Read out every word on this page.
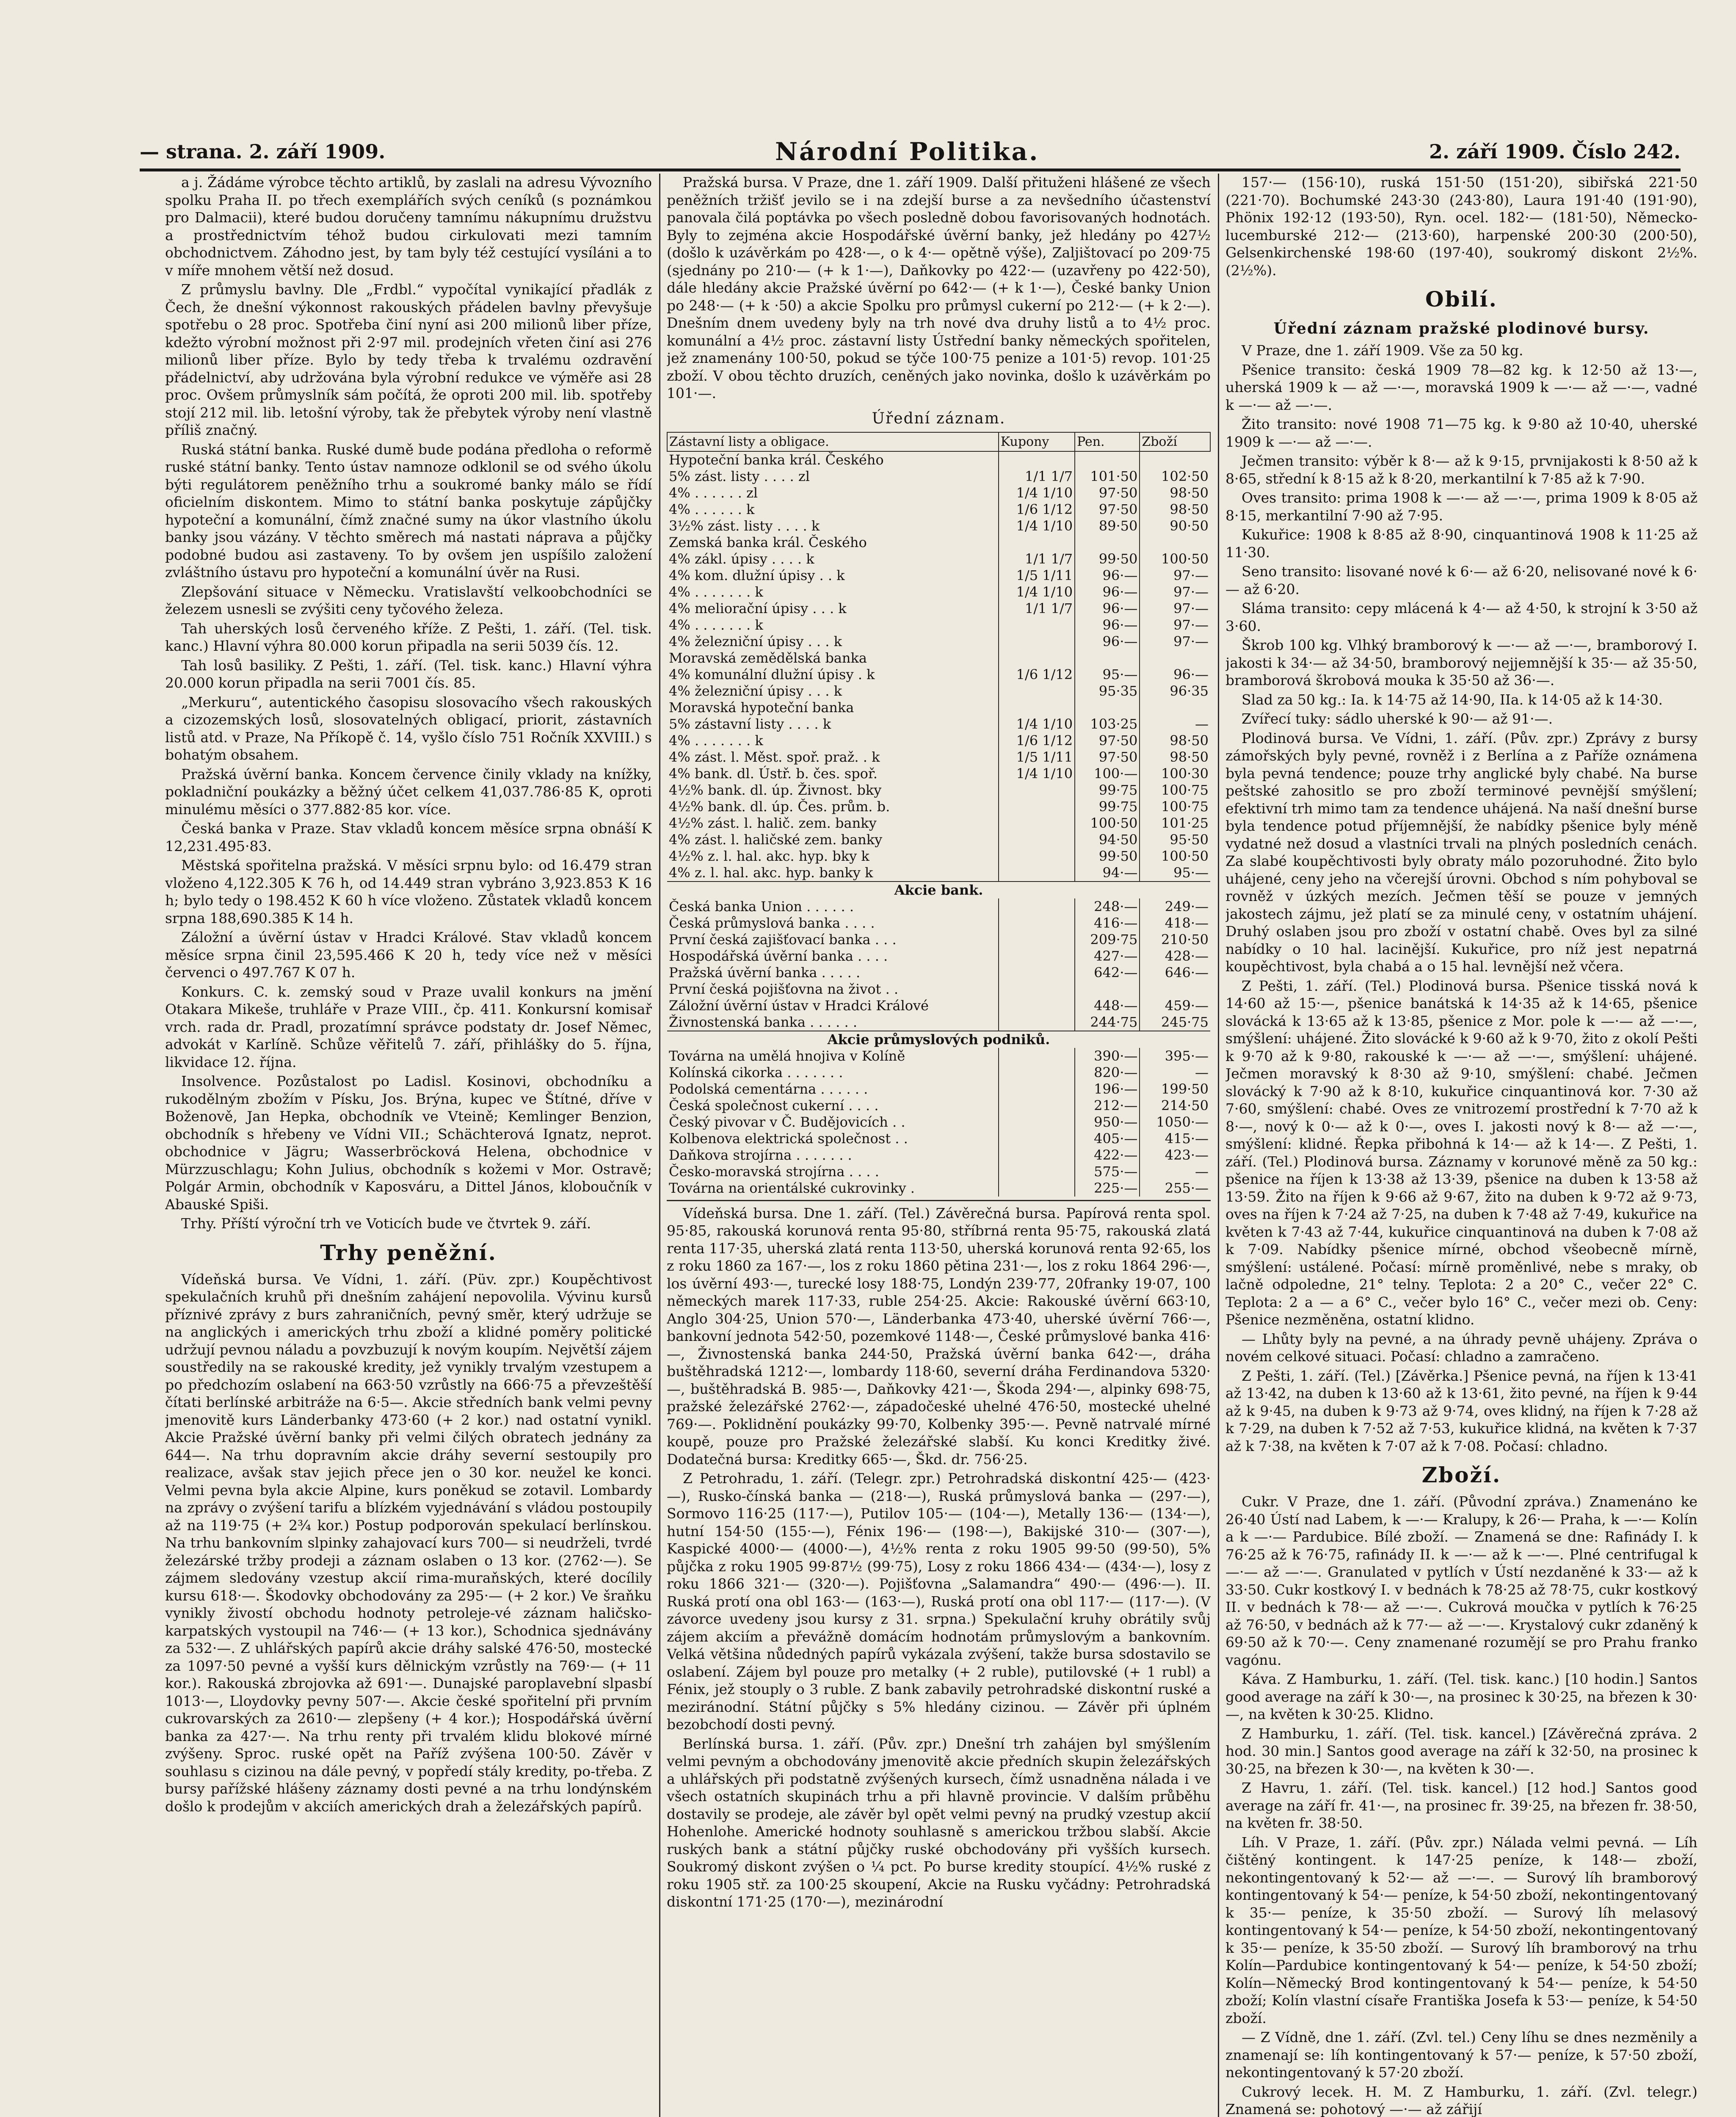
— strana. 2. září 1909.	Národní Politika.	2. září 1909. Číslo 242.

a j. Žádáme výrobce těchto artiklů, by zaslali na adresu Vývozního spolku Praha II. po třech exemplářích svých ceníků (s poznámkou pro Dalmacii), které budou doručeny tamnímu nákupnímu družstvu a prostřednictvím téhož budou cirkulovati mezi tamním obchodnictvem. Záhodno jest, by tam byly též cestující vysíláni a to v míře mnohem větší než dosud.

Z průmyslu bavlny. Dle „Frdbl.“ vypočítal vynikající přadlák z Čech, že dnešní výkonnost rakouských přádelen bavlny převyšuje spotřebu o 28 proc. Spotřeba činí nyní asi 200 milionů liber příze, kdežto výrobní možnost při 2·97 mil. prodejních vřeten činí asi 276 milionů liber příze. Bylo by tedy třeba k trvalému ozdravění přádelnictví, aby udržována byla výrobní redukce ve výměře asi 28 proc. Ovšem průmyslník sám počítá, že oproti 200 mil. lib. spotřeby stojí 212 mil. lib. letošní výroby, tak že přebytek výroby není vlastně příliš značný.

Ruská státní banka. Ruské dumě bude podána předloha o reformě ruské státní banky. Tento ústav namnoze odklonil se od svého úkolu býti regulátorem peněžního trhu a soukromé banky málo se řídí oficielním diskontem. Mimo to státní banka poskytuje zápůjčky hypoteční a komunální, čímž značné sumy na úkor vlastního úkolu banky jsou vázány. V těchto směrech má nastati náprava a půjčky podobné budou asi zastaveny. To by ovšem jen uspíšilo založení zvláštního ústavu pro hypoteční a komunální úvěr na Rusi.

Zlepšování situace v Německu. Vratislavští velkoobchodníci se železem usnesli se zvýšiti ceny tyčového železa.

Tah uherských losů červeného kříže. Z Pešti, 1. září. (Tel. tisk. kanc.) Hlavní výhra 80.000 korun připadla na serii 5039 čís. 12.

Tah losů basiliky. Z Pešti, 1. září. (Tel. tisk. kanc.) Hlavní výhra 20.000 korun připadla na serii 7001 čís. 85.

„Merkuru“, autentického časopisu slosovacího všech rakouských a cizozemských losů, slosovatelných obligací, priorit, zástavních listů atd. v Praze, Na Příkopě č. 14, vyšlo číslo 751 Ročník XXVIII.) s bohatým obsahem.

Pražská úvěrní banka. Koncem července činily vklady na knížky, pokladniční poukázky a běžný účet celkem 41,037.786·85 K, oproti minulému měsíci o 377.882·85 kor. více.

Česká banka v Praze. Stav vkladů koncem měsíce srpna obnáší K 12,231.495·83.

Městská spořitelna pražská. V měsíci srpnu bylo: od 16.479 stran vloženo 4,122.305 K 76 h, od 14.449 stran vybráno 3,923.853 K 16 h; bylo tedy o 198.452 K 60 h více vloženo. Zůstatek vkladů koncem srpna 188,690.385 K 14 h.

Záložní a úvěrní ústav v Hradci Králové. Stav vkladů koncem měsíce srpna činil 23,595.466 K 20 h, tedy více než v měsíci červenci o 497.767 K 07 h.

Konkurs. C. k. zemský soud v Praze uvalil konkurs na jmění Otakara Mikeše, truhláře v Praze VIII., čp. 411. Konkursní komisař vrch. rada dr. Pradl, prozatímní správce podstaty dr. Josef Němec, advokát v Karlíně. Schůze věřitelů 7. září, přihlášky do 5. října, likvidace 12. října.

Insolvence. Pozůstalost po Ladisl. Kosinovi, obchodníku a rukodělným zbožím v Písku, Jos. Brýna, kupec ve Štítné, dříve v Boženově, Jan Hepka, obchodník ve Vteině; Kemlinger Benzion, obchodník s hřebeny ve Vídni VII.; Schächterová Ignatz, neprot. obchodnice v Jägru; Wasserbröcková Helena, obchodnice v Mürzzuschlagu; Kohn Julius, obchodník s kožemi v Mor. Ostravě; Polgár Armin, obchodník v Kaposváru, a Dittel János, kloboučník v Abauské Spiši.

Trhy. Příští výroční trh ve Voticích bude ve čtvrtek 9. září.

Trhy peněžní.

Vídeňská bursa. Ve Vídni, 1. září. (Püv. zpr.) Koupěchtivost spekulačních kruhů při dnešním zahájení nepovolila. Vývinu kursů příznivé zprávy z burs zahraničních, pevný směr, který udržuje se na anglických i amerických trhu zboží a klidné poměry politické udržují pevnou náladu a povzbuzují k novým koupím. Největší zájem soustředily na se rakouské kredity, jež vynikly trvalým vzestupem a po předchozím oslabení na 663·50 vzrůstly na 666·75 a převzeštěší čítati berlínské arbitráže na 6·5—. Akcie středních bank velmi pevny jmenovitě kurs Länderbanky 473·60 (+ 2 kor.) nad ostatní vynikl. Akcie Pražské úvěrní banky při velmi čilých obratech jednány za 644—. Na trhu dopravním akcie dráhy severní sestoupily pro realizace, avšak stav jejich přece jen o 30 kor. neužel ke konci. Velmi pevna byla akcie Alpine, kurs poněkud se zotavil. Lombardy na zprávy o zvýšení tarifu a blízkém vyjednávání s vládou postoupily až na 119·75 (+ 2¾ kor.) Postup podporován spekulací berlínskou. Na trhu bankovním slpinky zahajovací kurs 700— si neudrželi, tvrdé železárské tržby prodeji a záznam oslaben o 13 kor. (2762·—). Se zájmem sledovány vzestup akcií rima-muraňských, které docílily kursu 618·—. Škodovky obchodovány za 295·— (+ 2 kor.) Ve šraňku vynikly živostí obchodu hodnoty petroleje-vé záznam haličsko-karpatských vystoupil na 746·— (+ 13 kor.), Schodnica sjednávány za 532·—. Z uhlářských papírů akcie dráhy salské 476·50, mostecké za 1097·50 pevné a vyšší kurs dělnickým vzrůstly na 769·— (+ 11 kor.). Rakouská zbrojovka až 691·—. Dunajské paroplavební slpasbí 1013·—, Lloydovky pevny 507·—. Akcie české spořitelní při prvním cukrovarských za 2610·— zlepšeny (+ 4 kor.); Hospodářská úvěrní banka za 427·—. Na trhu renty při trvalém klidu blokové mírné zvýšeny. Sproc. ruské opět na Paříž zvýšena 100·50. Závěr v souhlasu s cizinou na dále pevný, v popředí stály kredity, po-třeba. Z bursy pařížské hlášeny záznamy dosti pevné a na trhu londýnském došlo k prodejům v akciích amerických drah a železářských papírů.

Pražská bursa. V Praze, dne 1. září 1909. Další přituženi hlášené ze všech peněžních tržišť jevilo se i na zdejší burse a za nevšedního účastenství panovala čilá poptávka po všech posledně dobou favorisovaných hodnotách. Byly to zejména akcie Hospodářské úvěrní banky, jež hledány po 427½ (došlo k uzávěrkám po 428·—, o k 4·— opětně výše), Zaljištovací po 209·75 (sjednány po 210·— (+ k 1·—), Daňkovky po 422·— (uzavřeny po 422·50), dále hledány akcie Pražské úvěrní po 642·— (+ k 1·—), České banky Union po 248·— (+ k ·50) a akcie Spolku pro průmysl cukerní po 212·— (+ k 2·—). Dnešním dnem uvedeny byly na trh nové dva druhy listů a to 4½ proc. komunální a 4½ proc. zástavní listy Ústřední banky německých spořitelen, jež znamenány 100·50, pokud se týče 100·75 penize a 101·5) revop. 101·25 zboží. V obou těchto druzích, ceněných jako novinka, došlo k uzávěrkám po 101·—.

Úřední záznam.
Zástavní listy a obligace.	Kupony	Pen.	Zboží
Hypoteční banka král. Českého			
5% zást. listy . . . . zl	1/1 1/7	101·50	102·50
4% . . . . . . zl	1/4 1/10	97·50	98·50
4% . . . . . . k	1/6 1/12	97·50	98·50
3½% zást. listy . . . . k	1/4 1/10	89·50	90·50
Zemská banka král. Českého			
4% zákl. úpisy . . . . k	1/1 1/7	99·50	100·50
4% kom. dlužní úpisy . . k	1/5 1/11	96·—	97·—
4% . . . . . . . k	1/4 1/10	96·—	97·—
4% meliorační úpisy . . . k	1/1 1/7	96·—	97·—
4% . . . . . . . k		96·—	97·—
4% železniční úpisy . . . k		96·—	97·—
Moravská zemědělská banka			
4% komunální dlužní úpisy . k	1/6 1/12	95·—	96·—
4% železniční úpisy . . . k		95·35	96·35
Moravská hypoteční banka			
5% zástavní listy . . . . k	1/4 1/10	103·25	—
4% . . . . . . . k	1/6 1/12	97·50	98·50
4% zást. l. Měst. spoř. praž. . k	1/5 1/11	97·50	98·50
4% bank. dl. Ústř. b. čes. spoř.	1/4 1/10	100·—	100·30
4½% bank. dl. úp. Živnost. bky		99·75	100·75
4½% bank. dl. úp. Čes. prům. b.		99·75	100·75
4½% zást. l. halič. zem. banky		100·50	101·25
4% zást. l. haličské zem. banky		94·50	95·50
4½% z. l. hal. akc. hyp. bky k		99·50	100·50
4% z. l. hal. akc. hyp. banky k		94·—	95·—
Akcie bank.			
Česká banka Union . . . . . .		248·—	249·—
Česká průmyslová banka . . . .		416·—	418·—
První česká zajišťovací banka . . .		209·75	210·50
Hospodářská úvěrní banka . . . .		427·—	428·—
Pražská úvěrní banka . . . . .		642·—	646·—
První česká pojišťovna na život . .			
Záložní úvěrní ústav v Hradci Králové		448·—	459·—
Živnostenská banka . . . . . .		244·75	245·75
Akcie průmyslových podniků.			
Továrna na umělá hnojiva v Kolíně		390·—	395·—
Kolínská cikorka . . . . . . .		820·—	—
Podolská cementárna . . . . . .		196·—	199·50
Česká společnost cukerní . . . .		212·—	214·50
Český pivovar v Č. Budějovicích . .		950·—	1050·—
Kolbenova elektrická společnost . .		405·—	415·—
Daňkova strojírna . . . . . . .		422·—	423·—
Česko-moravská strojírna . . . .		575·—	—
Továrna na orientálské cukrovinky .		225·—	255·—

Vídeňská bursa. Dne 1. září. (Tel.) Závěrečná bursa. Papírová renta spol. 95·85, rakouská korunová renta 95·80, stříbrná renta 95·75, rakouská zlatá renta 117·35, uherská zlatá renta 113·50, uherská korunová renta 92·65, los z roku 1860 za 167·—, los z roku 1860 pětina 231·—, los z roku 1864 296·—, los úvěrní 493·—, turecké losy 188·75, Londýn 239·77, 20franky 19·07, 100 německých marek 117·33, ruble 254·25. Akcie: Rakouské úvěrní 663·10, Anglo 304·25, Union 570·—, Länderbanka 473·40, uherské úvěrní 766·—, bankovní jednota 542·50, pozemkové 1148·—, České průmyslové banka 416·—, Živnostenská banka 244·50, Pražská úvěrní banka 642·—, dráha buštěhradská 1212·—, lombardy 118·60, severní dráha Ferdinandova 5320·—, buštěhradská B. 985·—, Daňkovky 421·—, Škoda 294·—, alpinky 698·75, pražské železářské 2762·—, západočeské uhelné 476·50, mostecké uhelné 769·—. Poklidnění poukázky 99·70, Kolbenky 395·—. Pevně natrvalé mírné koupě, pouze pro Pražské železářské slabší. Ku konci Kreditky živé. Dodatečná bursa: Kreditky 665·—, Škd. dr. 756·25.

Z Petrohradu, 1. září. (Telegr. zpr.) Petrohradská diskontní 425·— (423·—), Rusko-čínská banka — (218·—), Ruská průmyslová banka — (297·—), Sormovo 116·25 (117·—), Putilov 105·— (104·—), Metally 136·— (134·—), hutní 154·50 (155·—), Fénix 196·— (198·—), Bakijské 310·— (307·—), Kaspické 4000·— (4000·—), 4½% renta z roku 1905 99·50 (99·50), 5% půjčka z roku 1905 99·87½ (99·75), Losy z roku 1866 434·— (434·—), losy z roku 1866 321·— (320·—). Pojišťovna „Salamandra“ 490·— (496·—). II. Ruská protí ona obl 163·— (163·—), Ruská protí ona obl 117·— (117·—). (V závorce uvedeny jsou kursy z 31. srpna.) Spekulační kruhy obrátily svůj zájem akciím a převážně domácím hodnotám průmyslovým a bankovním. Velká většina nůdedných papírů vykázala zvýšení, takže bursa sdostavilo se oslabení. Zájem byl pouze pro metalky (+ 2 ruble), putilovské (+ 1 rubl) a Fénix, jež stouply o 3 ruble. Z bank zabavily petrohradské diskontní ruské a meziránodní. Státní půjčky s 5% hledány cizinou. — Závěr při úplném bezobchodí dosti pevný.

Berlínská bursa. 1. září. (Pův. zpr.) Dnešní trh zahájen byl smýšlením velmi pevným a obchodovány jmenovitě akcie předních skupin železářských a uhlářských při podstatně zvýšených kursech, čímž usnadněna nálada i ve všech ostatních skupinách trhu a při hlavně provincie. V dalším průběhu dostavily se prodeje, ale závěr byl opět velmi pevný na prudký vzestup akcií Hohenlohe. Americké hodnoty souhlasně s americkou tržbou slabší. Akcie ruských bank a státní půjčky ruské obchodovány při vyšších kursech. Soukromý diskont zvýšen o ¼ pct. Po burse kredity stoupící. 4½% ruské z roku 1905 stř. za 100·25 skoupení, Akcie na Rusku vyčádny: Petrohradská diskontní 171·25 (170·—), mezinárodní

157·— (156·10), ruská 151·50 (151·20), sibiřská 221·50 (221·70). Bochumské 243·30 (243·80), Laura 191·40 (191·90), Phönix 192·12 (193·50), Ryn. ocel. 182·— (181·50), Německo-lucemburské 212·— (213·60), harpenské 200·30 (200·50), Gelsenkirchenské 198·60 (197·40), soukromý diskont 2½%. (2½%).

Obilí.
Úřední záznam pražské plodinové bursy.

V Praze, dne 1. září 1909. Vše za 50 kg.

Pšenice transito: česká 1909 78—82 kg. k 12·50 až 13·—, uherská 1909 k — až —·—, moravská 1909 k —·— až —·—, vadné k —·— až —·—.

Žito transito: nové 1908 71—75 kg. k 9·80 až 10·40, uherské 1909 k —·— až —·—.

Ječmen transito: výběr k 8·— až k 9·15, prvnijakosti k 8·50 až k 8·65, střední k 8·15 až k 8·20, merkantilní k 7·85 až k 7·90.

Oves transito: prima 1908 k —·— až —·—, prima 1909 k 8·05 až 8·15, merkantilní 7·90 až 7·95.

Kukuřice: 1908 k 8·85 až 8·90, cinquantinová 1908 k 11·25 až 11·30.

Seno transito: lisované nové k 6·— až 6·20, nelisované nové k 6·— až 6·20.

Sláma transito: cepy mlácená k 4·— až 4·50, k strojní k 3·50 až 3·60.

Škrob 100 kg. Vlhký bramborový k —·— až —·—, bramborový I. jakosti k 34·— až 34·50, bramborový nejjemnější k 35·— až 35·50, bramborová škrobová mouka k 35·50 až 36·—.

Slad za 50 kg.: Ia. k 14·75 až 14·90, IIa. k 14·05 až k 14·30.

Zvířecí tuky: sádlo uherské k 90·— až 91·—.

Plodinová bursa. Ve Vídni, 1. září. (Pův. zpr.) Zprávy z bursy zámořských byly pevné, rovněž i z Berlína a z Paříže oznámena byla pevná tendence; pouze trhy anglické byly chabé. Na burse peštské zahositlo se pro zboží terminové pevnější smýšlení; efektivní trh mimo tam za tendence uhájená. Na naší dnešní burse byla tendence potud příjemnější, že nabídky pšenice byly méně vydatné než dosud a vlastníci trvali na plných posledních cenách. Za slabé koupěchtivosti byly obraty málo pozoruhodné. Žito bylo uhájené, ceny jeho na včerejší úrovni. Obchod s ním pohyboval se rovněž v úzkých mezích. Ječmen těší se pouze v jemných jakostech zájmu, jež platí se za minulé ceny, v ostatním uhájení. Druhý oslaben jsou pro zboží v ostatní chabě. Oves byl za silné nabídky o 10 hal. lacinější. Kukuřice, pro níž jest nepatrná koupěchtivost, byla chabá a o 15 hal. levnější než včera.

Z Pešti, 1. září. (Tel.) Plodinová bursa. Pšenice tisská nová k 14·60 až 15·—, pšenice banátská k 14·35 až k 14·65, pšenice slovácká k 13·65 až k 13·85, pšenice z Mor. pole k —·— až —·—, smýšlení: uhájené. Žito slovácké k 9·60 až k 9·70, žito z okolí Pešti k 9·70 až k 9·80, rakouské k —·— až —·—, smýšlení: uhájené. Ječmen moravský k 8·30 až 9·10, smýšlení: chabé. Ječmen slovácký k 7·90 až k 8·10, kukuřice cinquantinová kor. 7·30 až 7·60, smýšlení: chabé. Oves ze vnitrozemí prostřední k 7·70 až k 8·—, nový k 0·— až k 0·—, oves I. jakosti nový k 8·— až —·—, smýšlení: klidné. Řepka přibohná k 14·— až k 14·—. Z Pešti, 1. září. (Tel.) Plodinová bursa. Záznamy v korunové měně za 50 kg.: pšenice na říjen k 13·38 až 13·39, pšenice na duben k 13·58 až 13·59. Žito na říjen k 9·66 až 9·67, žito na duben k 9·72 až 9·73, oves na říjen k 7·24 až 7·25, na duben k 7·48 až 7·49, kukuřice na květen k 7·43 až 7·44, kukuřice cinquantinová na duben k 7·08 až k 7·09. Nabídky pšenice mírné, obchod všeobecně mírně, smýšlení: ustálené. Počasí: mírně proměnlivé, nebe s mraky, ob lačně odpoledne, 21° telny. Teplota: 2 a 20° C., večer 22° C. Teplota: 2 a — a 6° C., večer bylo 16° C., večer mezi ob. Ceny: Pšenice nezměněna, ostatní klidno.

— Lhůty byly na pevné, a na úhrady pevně uhájeny. Zpráva o novém celkové situaci. Počasí: chladno a zamračeno.

Z Pešti, 1. září. (Tel.) [Závěrka.] Pšenice pevná, na říjen k 13·41 až 13·42, na duben k 13·60 až k 13·61, žito pevné, na říjen k 9·44 až k 9·45, na duben k 9·73 až 9·74, oves klidný, na říjen k 7·28 až k 7·29, na duben k 7·52 až 7·53, kukuřice klidná, na květen k 7·37 až k 7·38, na květen k 7·07 až k 7·08. Počasí: chladno.

Zboží.

Cukr. V Praze, dne 1. září. (Původní zpráva.) Znamenáno ke 26·40 Ústí nad Labem, k —·— Kralupy, k 26·— Praha, k —·— Kolín a k —·— Pardubice. Bílé zboží. — Znamená se dne: Rafinády I. k 76·25 až k 76·75, rafinády II. k —·— až k —·—. Plné centrifugal k —·— až —·—. Granulated v pytlích v Ústí nezdaněné k 33·— až k 33·50. Cukr kostkový I. v bednách k 78·25 až 78·75, cukr kostkový II. v bednách k 78·— až —·—. Cukrová moučka v pytlích k 76·25 až 76·50, v bednách až k 77·— až —·—. Krystalový cukr zdaněný k 69·50 až k 70·—. Ceny znamenané rozumějí se pro Prahu franko vagónu.

Káva. Z Hamburku, 1. září. (Tel. tisk. kanc.) [10 hodin.] Santos good average na září k 30·—, na prosinec k 30·25, na březen k 30·—, na květen k 30·25. Klidno.

Z Hamburku, 1. září. (Tel. tisk. kancel.) [Závěrečná zpráva. 2 hod. 30 min.] Santos good average na září k 32·50, na prosinec k 30·25, na březen k 30·—, na květen k 30·—.

Z Havru, 1. září. (Tel. tisk. kancel.) [12 hod.] Santos good average na září fr. 41·—, na prosinec fr. 39·25, na březen fr. 38·50, na květen fr. 38·50.

Líh. V Praze, 1. září. (Pův. zpr.) Nálada velmi pevná. — Líh čištěný kontingent. k 147·25 peníze, k 148·— zboží, nekontingentovaný k 52·— až —·—. — Surový líh bramborový kontingentovaný k 54·— peníze, k 54·50 zboží, nekontingentovaný k 35·— peníze, k 35·50 zboží. — Surový líh melasový kontingentovaný k 54·— peníze, k 54·50 zboží, nekontingentovaný k 35·— peníze, k 35·50 zboží. — Surový líh bramborový na trhu Kolín—Pardubice kontingentovaný k 54·— peníze, k 54·50 zboží; Kolín—Německý Brod kontingentovaný k 54·— peníze, k 54·50 zboží; Kolín vlastní císaře Františka Josefa k 53·— peníze, k 54·50 zboží.

— Z Vídně, dne 1. září. (Zvl. tel.) Ceny líhu se dnes nezměnily a znamenají se: líh kontingentovaný k 57·— peníze, k 57·50 zboží, nekontingentovaný k 57·20 zboží.

Cukrový lecek. H. M. Z Hamburku, 1. září. (Zvl. telegr.) Znamená se: pohotový —·— až zářijí
